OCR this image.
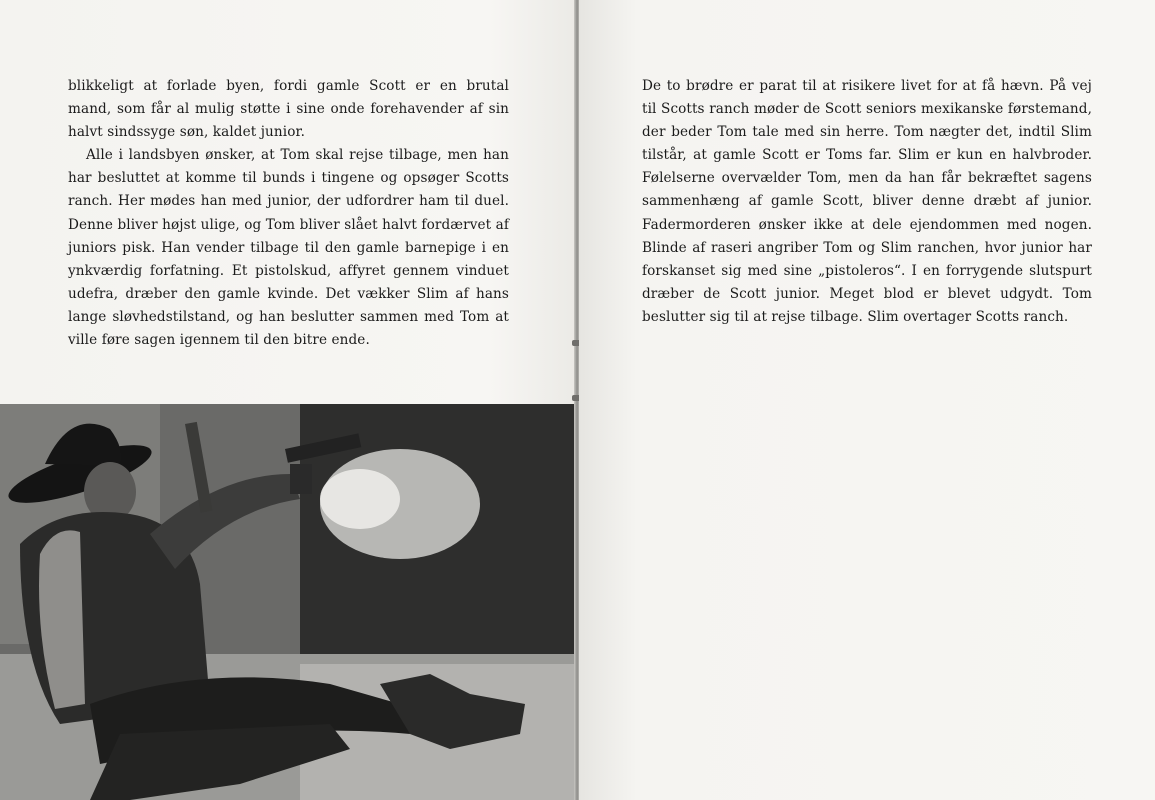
blikkeligt at forlade byen, fordi gamle Scott er en brutal mand, som får al mulig støtte i sine onde forehavender af sin halvt sindssyge søn, kaldet junior.

Alle i landsbyen ønsker, at Tom skal rejse tilbage, men han har besluttet at komme til bunds i tingene og opsøger Scotts ranch. Her mødes han med junior, der udfordrer ham til duel. Denne bliver højst ulige, og Tom bliver slået halvt fordærvet af juniors pisk. Han vender tilbage til den gamle barnepige i en ynkværdig forfatning. Et pistolskud, affyret gennem vinduet udefra, dræber den gamle kvinde. Det vækker Slim af hans lange sløvhedstilstand, og han beslutter sammen med Tom at ville føre sagen igennem til den bitre ende.

De to brødre er parat til at risikere livet for at få hævn. På vej til Scotts ranch møder de Scott seniors mexikanske førstemand, der beder Tom tale med sin herre. Tom nægter det, indtil Slim tilstår, at gamle Scott er Toms far. Slim er kun en halvbroder. Følelserne overvælder Tom, men da han får bekræftet sagens sammenhæng af gamle Scott, bliver denne dræbt af junior. Fadermorderen ønsker ikke at dele ejendommen med nogen. Blinde af raseri angriber Tom og Slim ranchen, hvor junior har forskanset sig med sine „pistoleros“. I en forrygende slutspurt dræber de Scott junior. Meget blod er blevet udgydt. Tom beslutter sig til at rejse tilbage. Slim overtager Scotts ranch.
